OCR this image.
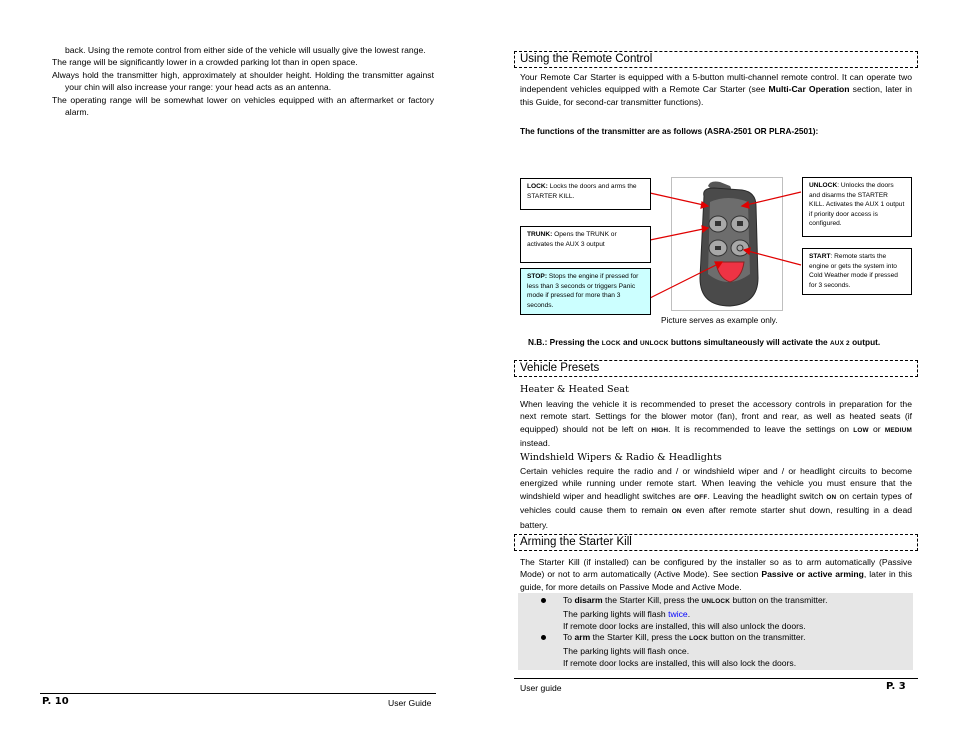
back. Using the remote control from either side of the vehicle will usually give the lowest range.

The range will be significantly lower in a crowded parking lot than in open space.

Always hold the transmitter high, approximately at shoulder height. Holding the transmitter against your chin will also increase your range: your head acts as an antenna.

The operating range will be somewhat lower on vehicles equipped with an aftermarket or factory alarm.

P. 10	User Guide
Using the Remote Control
Your Remote Car Starter is equipped with a 5-button multi-channel remote control. It can operate two independent vehicles equipped with a Remote Car Starter (see Multi-Car Operation section, later in this Guide, for second-car transmitter functions).
The functions of the transmitter are as follows (ASRA-2501 OR PLRA-2501):
LOCK: Locks the doors and arms the STARTER KILL.
TRUNK: Opens the TRUNK or activates the AUX 3 output
STOP: Stops the engine if pressed for less than 3 seconds or triggers Panic mode if pressed for more than 3 seconds.
UNLOCK: Unlocks the doors and disarms the STARTER KILL. Activates the AUX 1 output if priority door access is configured.
START: Remote starts the engine or gets the system into Cold Weather mode if pressed for 3 seconds.
Picture serves as example only.
N.B.: Pressing the LOCK and UNLOCK buttons simultaneously will activate the AUX 2 output.
Vehicle Presets
Heater & Heated Seat
When leaving the vehicle it is recommended to preset the accessory controls in preparation for the next remote start. Settings for the blower motor (fan), front and rear, as well as heated seats (if equipped) should not be left on HIGH. It is recommended to leave the settings on LOW or MEDIUM instead.
Windshield Wipers & Radio & Headlights
Certain vehicles require the radio and / or windshield wiper and / or headlight circuits to become energized while running under remote start. When leaving the vehicle you must ensure that the windshield wiper and headlight switches are OFF. Leaving the headlight switch ON on certain types of vehicles could cause them to remain ON even after remote starter shut down, resulting in a dead battery.
Arming the Starter Kill
The Starter Kill (if installed) can be configured by the installer so as to arm automatically (Passive Mode) or not to arm automatically (Active Mode). See section Passive or active arming, later in this guide, for more details on Passive Mode and Active Mode.
To disarm the Starter Kill, press the UNLOCK button on the transmitter.
The parking lights will flash twice.
If remote door locks are installed, this will also unlock the doors.
To arm the Starter Kill, press the LOCK button on the transmitter.
The parking lights will flash once.
If remote door locks are installed, this will also lock the doors.
User guide	P. 3
